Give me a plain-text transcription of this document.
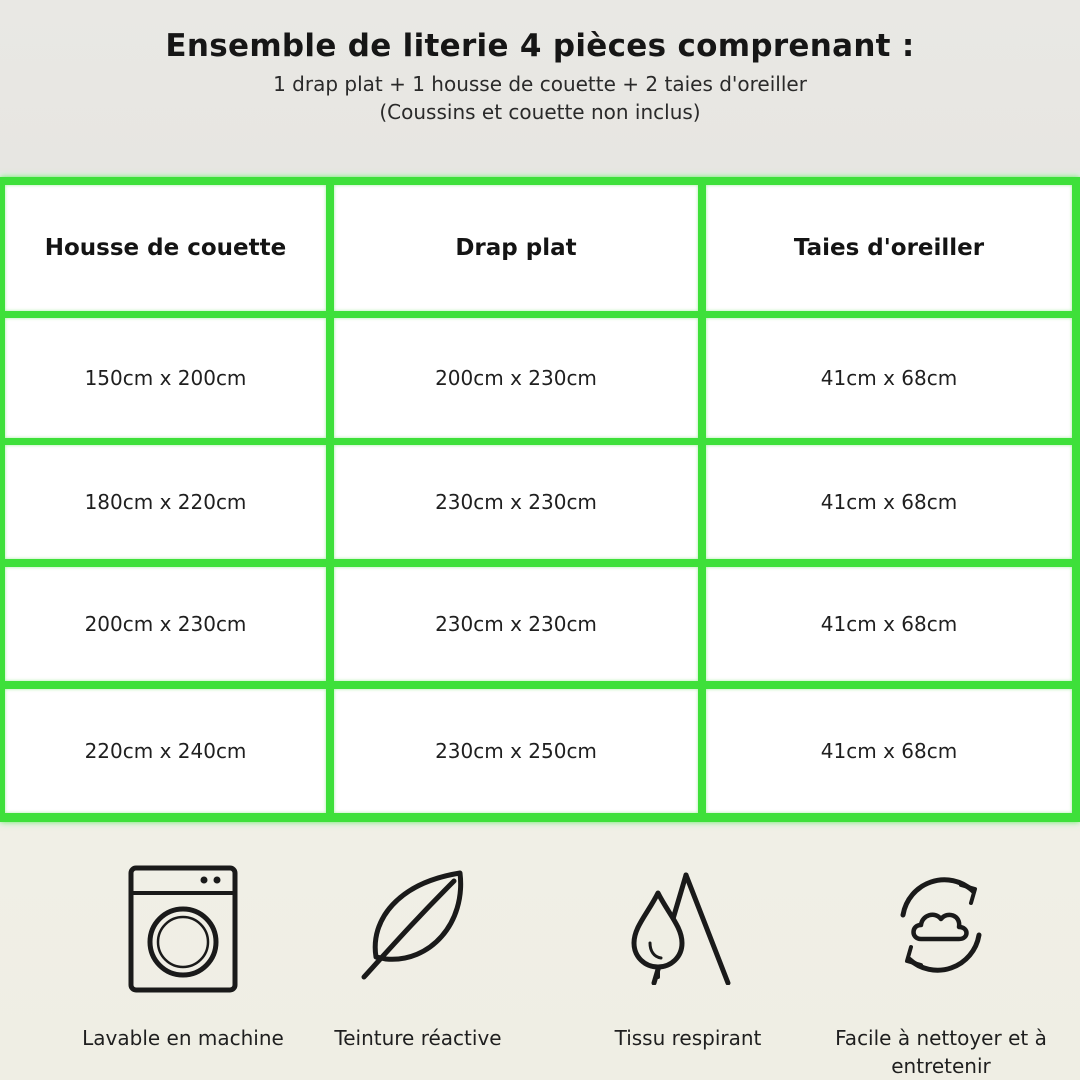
Ensemble de literie 4 pièces comprenant :
1 drap plat + 1 housse de couette + 2 taies d'oreiller
(Coussins et couette non inclus)
Housse de couette	Drap plat	Taies d'oreiller
150cm x 200cm	200cm x 230cm	41cm x 68cm
180cm x 220cm	230cm x 230cm	41cm x 68cm
200cm x 230cm	230cm x 230cm	41cm x 68cm
220cm x 240cm	230cm x 250cm	41cm x 68cm
Lavable en machine	Teinture réactive	Tissu respirant	Facile à nettoyer et à entretenir
